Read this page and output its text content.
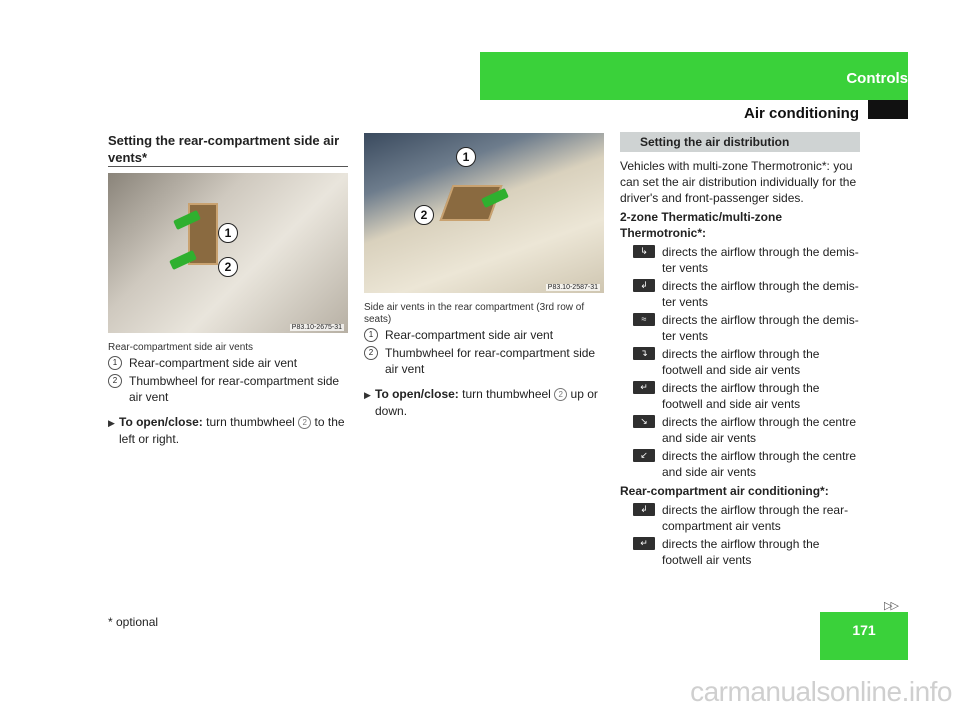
Controls
Air conditioning
Setting the rear-compartment side air vents*
1
2
P83.10-2675-31
Rear-compartment side air vents
1 Rear-compartment side air vent
2 Thumbwheel for rear-compartment side air vent
▶ To open/close: turn thumbwheel 2 to the left or right.
1
2
P83.10-2587-31
Side air vents in the rear compartment (3rd row of seats)
1 Rear-compartment side air vent
2 Thumbwheel for rear-compartment side air vent
▶ To open/close: turn thumbwheel 2 up or down.
Setting the air distribution
Vehicles with multi-zone Thermotronic*: you can set the air distribution individually for the driver's and front-passenger sides.
2-zone Thermatic/multi-zone Thermotronic*:
↳	directs the airflow through the demis-ter vents
↲	directs the airflow through the demis-ter vents
≈	directs the airflow through the demis-ter vents
↴	directs the airflow through the footwell and side air vents
↵	directs the airflow through the footwell and side air vents
↘	directs the airflow through the centre and side air vents
↙	directs the airflow through the centre and side air vents
Rear-compartment air conditioning*:
↲	directs the airflow through the rear-compartment air vents
↵	directs the airflow through the footwell air vents
▷▷
171
* optional
carmanualsonline.info
